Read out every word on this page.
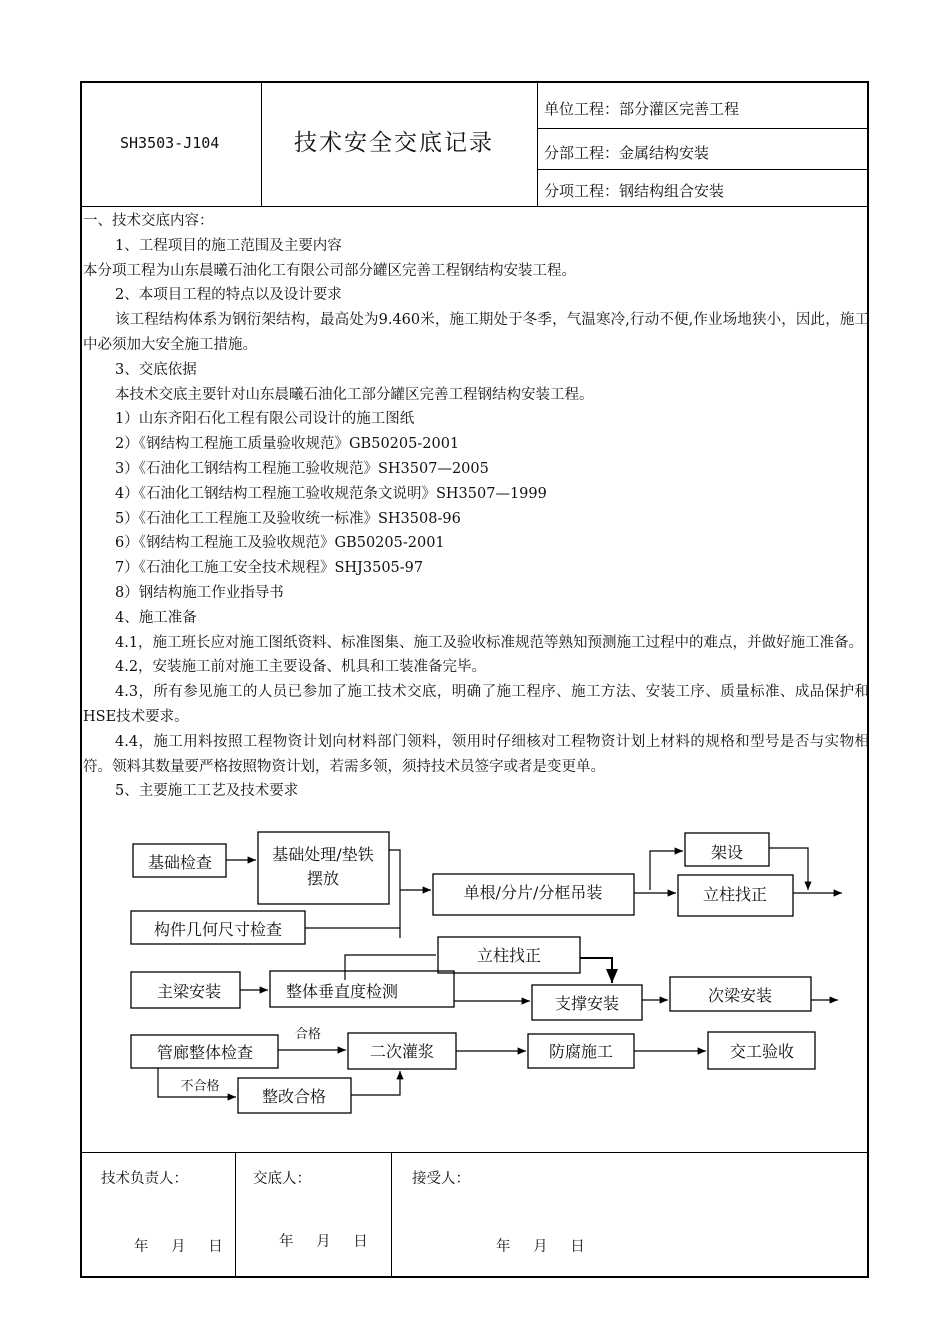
SH3503-J104	技术安全交底记录
单位工程：部分灌区完善工程
分部工程：金属结构安装
分项工程：钢结构组合安装

一、技术交底内容：

1、工程项目的施工范围及主要内容

本分项工程为山东晨曦石油化工有限公司部分罐区完善工程钢结构安装工程。

2、本项目工程的特点以及设计要求

该工程结构体系为钢衍架结构，最高处为9.460米，施工期处于冬季，气温寒冷,行动不便,作业场地狭小，因此，施工中必须加大安全施工措施。

3、交底依据

本技术交底主要针对山东晨曦石油化工部分罐区完善工程钢结构安装工程。

1）山东齐阳石化工程有限公司设计的施工图纸

2）《钢结构工程施工质量验收规范》GB50205-2001

3）《石油化工钢结构工程施工验收规范》SH3507—2005

4）《石油化工钢结构工程施工验收规范条文说明》SH3507—1999

5）《石油化工工程施工及验收统一标准》SH3508-96

6）《钢结构工程施工及验收规范》GB50205-2001

7）《石油化工施工安全技术规程》SHJ3505-97

8）钢结构施工作业指导书

4、施工准备

4.1，施工班长应对施工图纸资料、标准图集、施工及验收标准规范等熟知预测施工过程中的难点，并做好施工准备。

4.2，安装施工前对施工主要设备、机具和工装准备完毕。

4.3，所有参见施工的人员已参加了施工技术交底，明确了施工程序、施工方法、安装工序、质量标准、成品保护和HSE技术要求。

4.4，施工用料按照工程物资计划向材料部门领料，领用时仔细核对工程物资计划上材料的规格和型号是否与实物相符。领料其数量要严格按照物资计划，若需多领，须持技术员签字或者是变更单。

5、主要施工工艺及技术要求

基础检查	基础处理/垫铁
摆放
构件几何尺寸检查
单根/分片/分框吊装
架设
立柱找正
立柱找正
主梁安装	整体垂直度检测
支撑安装	次梁安装
管廊整体检查	二次灌浆	防腐施工	交工验收
整改合格
合格
不合格
技术负责人：	交底人：	接受人：
年 月 日	年 月 日	年 月 日
